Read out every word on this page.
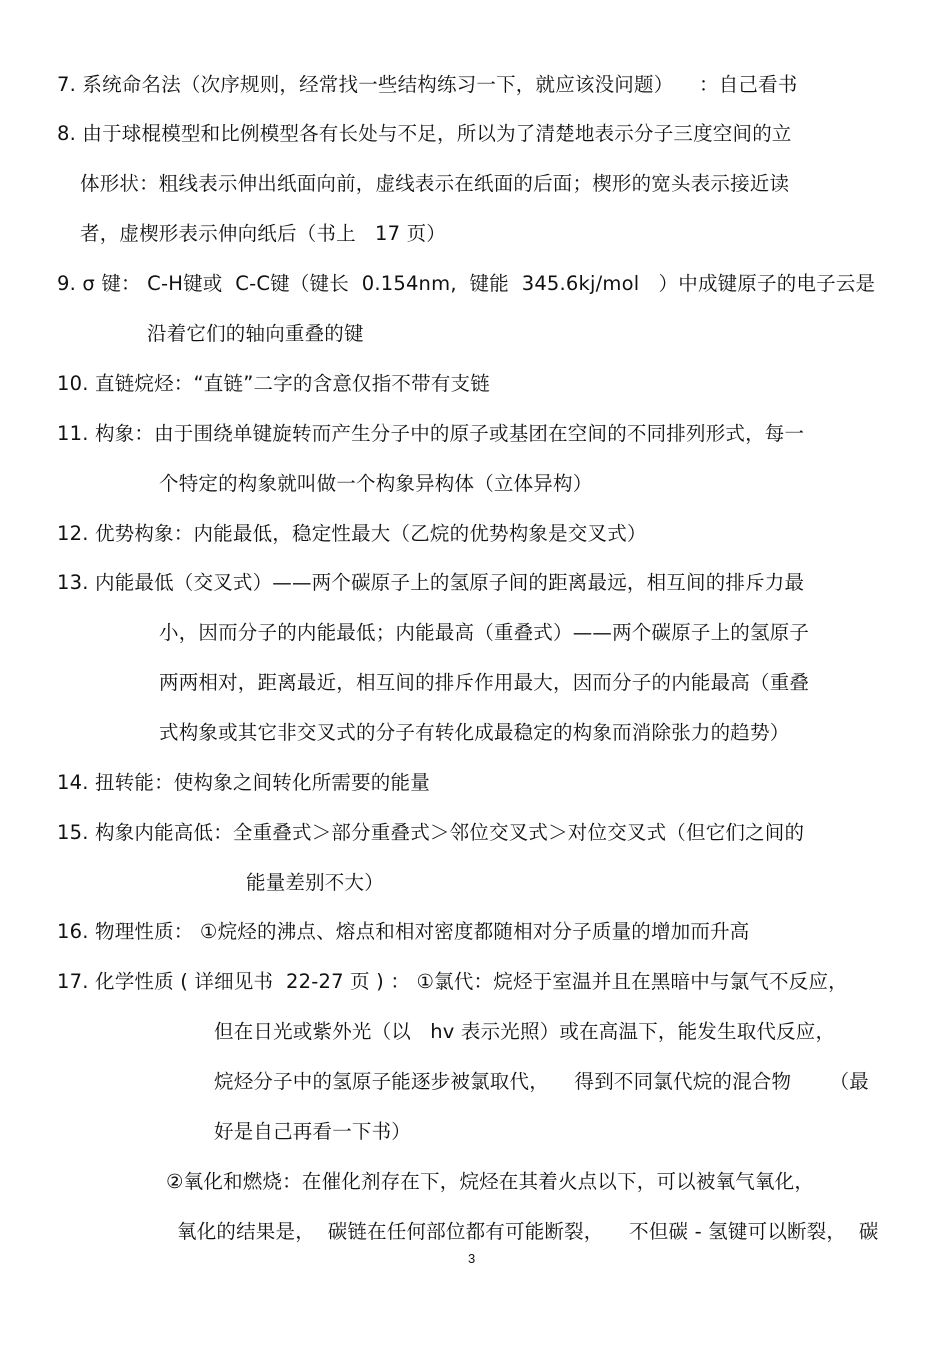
7. 系统命名法（次序规则，经常找一些结构练习一下，就应该没问题）    ：自己看书
8. 由于球棍模型和比例模型各有长处与不足，所以为了清楚地表示分子三度空间的立
体形状：粗线表示伸出纸面向前，虚线表示在纸面的后面；楔形的宽头表示接近读
者，虚楔形表示伸向纸后（书上   17 页）
9. σ 键： C-H键或  C-C键（键长  0.154nm,  键能  345.6kj/mol   ）中成键原子的电子云是
沿着它们的轴向重叠的键
10. 直链烷烃：“直链”二字的含意仅指不带有支链
11. 构象：由于围绕单键旋转而产生分子中的原子或基团在空间的不同排列形式，每一
个特定的构象就叫做一个构象异构体（立体异构）
12. 优势构象：内能最低，稳定性最大（乙烷的优势构象是交叉式）
13. 内能最低（交叉式）——两个碳原子上的氢原子间的距离最远，相互间的排斥力最
小，因而分子的内能最低；内能最高（重叠式）——两个碳原子上的氢原子
两两相对，距离最近，相互间的排斥作用最大，因而分子的内能最高（重叠
式构象或其它非交叉式的分子有转化成最稳定的构象而消除张力的趋势）
14. 扭转能：使构象之间转化所需要的能量
15. 构象内能高低：全重叠式＞部分重叠式＞邻位交叉式＞对位交叉式（但它们之间的
能量差别不大）
16. 物理性质： ①烷烃的沸点、熔点和相对密度都随相对分子质量的增加而升高
17. 化学性质 ( 详细见书  22-27 页 ) ： ①氯代：烷烃于室温并且在黑暗中与氯气不反应，
但在日光或紫外光（以   hv 表示光照）或在高温下，能发生取代反应，
烷烃分子中的氢原子能逐步被氯取代，    得到不同氯代烷的混合物      （最
好是自己再看一下书）
②氧化和燃烧：在催化剂存在下，烷烃在其着火点以下，可以被氧气氧化，
氧化的结果是，  碳链在任何部位都有可能断裂，    不但碳 - 氢键可以断裂，  碳
3
